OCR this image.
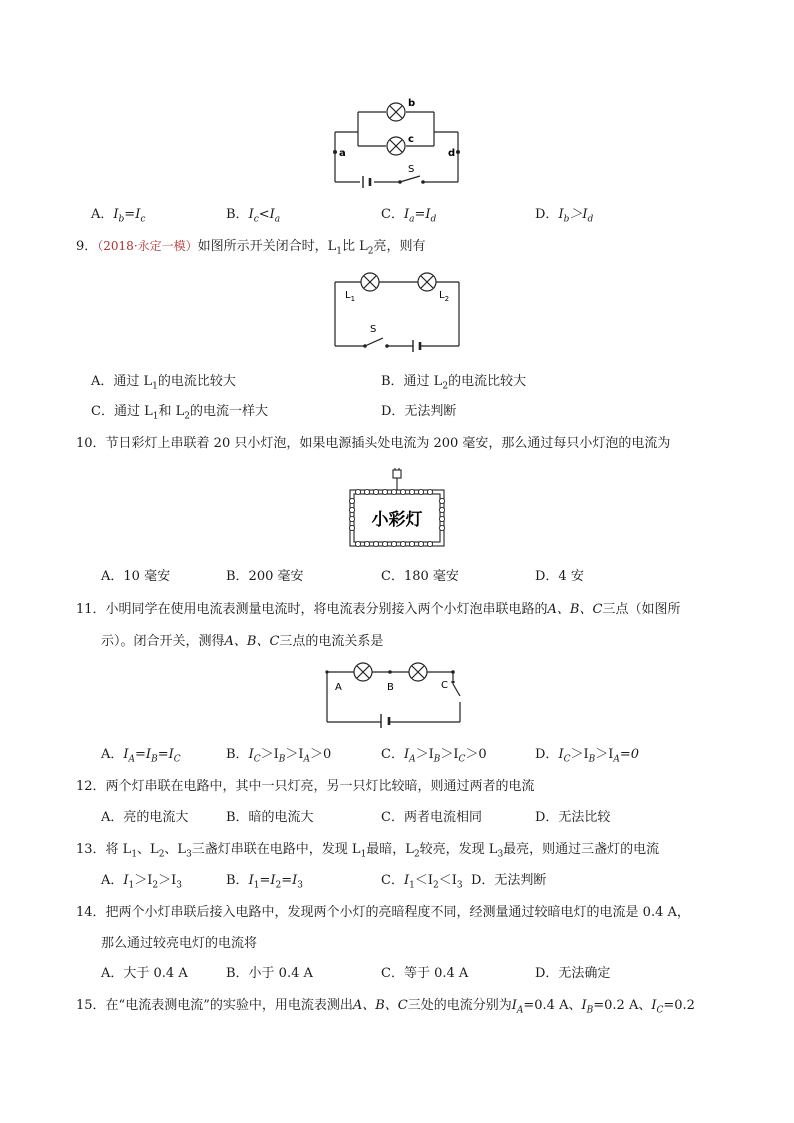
a
b
c
d
S
A．$I_b=I_c$	B．$I_c<I_a$	C．$I_a=I_d$	D．$I_b>I_d$
9．（2018·永定一模）如图所示开关闭合时，$L_1$比 $L_2$亮，则有
$L_1$	$L_2$
S
A．通过 $L_1$的电流比较大	B．通过 $L_2$的电流比较大
C．通过 $L_1$和 $L_2$的电流一样大	D．无法判断
10．节日彩灯上串联着 20 只小灯泡，如果电源插头处电流为 200 毫安，那么通过每只小灯泡的电流为
小彩灯
A．10 毫安	B．200 毫安	C．180 毫安	D．4 安
11．小明同学在使用电流表测量电流时，将电流表分别接入两个小灯泡串联电路的A、B、C三点（如图所
示）。闭合开关，测得A、B、C三点的电流关系是
A	B	C
A．$I_A=I_B=I_C$	B．$I_C>I_B>I_A>0$	C．$I_A>I_B>I_C>0$	D．$I_C>I_B>I_A=0$
12．两个灯串联在电路中，其中一只灯亮，另一只灯比较暗，则通过两者的电流
A．亮的电流大	B．暗的电流大	C．两者电流相同	D．无法比较
13．将 $L_1$、$L_2$、$L_3$三盏灯串联在电路中，发现 $L_1$最暗，$L_2$较亮，发现 $L_3$最亮，则通过三盏灯的电流
A．$I_1>I_2>I_3$	B．$I_1=I_2=I_3$	C．$I_1<I_2<I_3$ D．无法判断
14．把两个小灯串联后接入电路中，发现两个小灯的亮暗程度不同，经测量通过较暗电灯的电流是 0.4 A，
那么通过较亮电灯的电流将
A．大于 0.4 A	B．小于 0.4 A	C．等于 0.4 A	D．无法确定
15．在“电流表测电流”的实验中，用电流表测出A、B、C三处的电流分别为$I_A=0.4$ A、$I_B=0.2$ A、$I_C=0.2$
